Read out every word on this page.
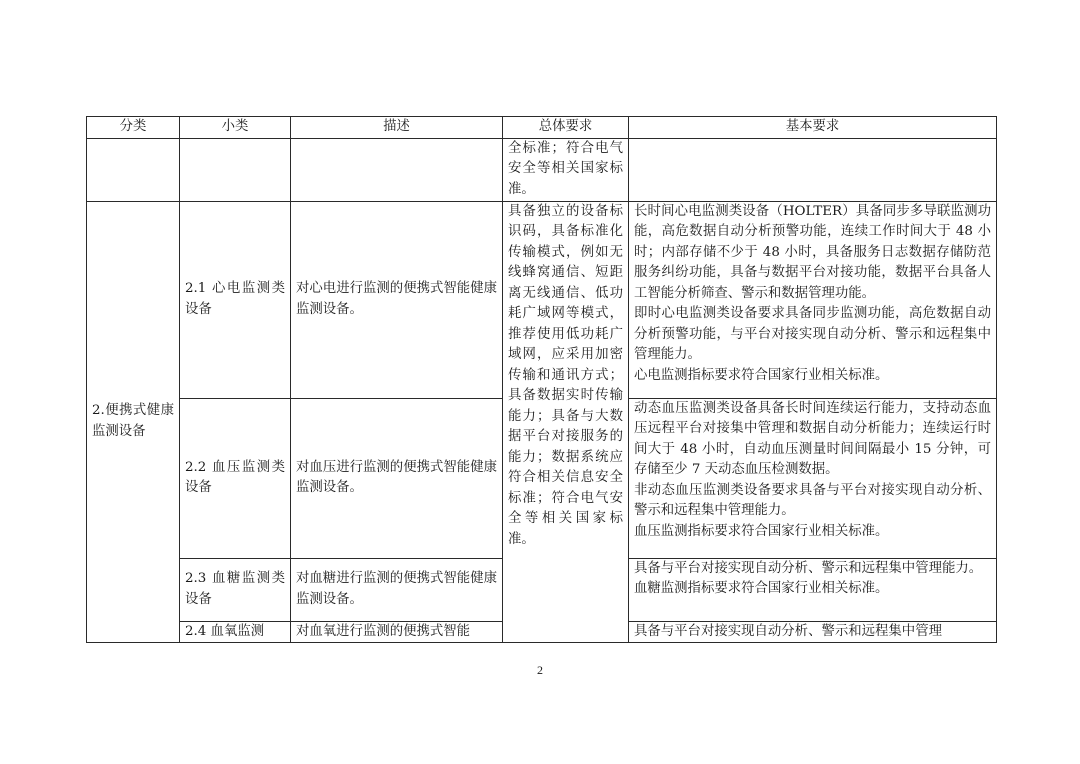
分类	小类	描述	总体要求	基本要求
			全标准；符合电气安全等相关国家标准。	
2.便携式健康监测设备	2.1 心电监测类设备	对心电进行监测的便携式智能健康监测设备。	具备独立的设备标识码，具备标准化传输模式，例如无线蜂窝通信、短距离无线通信、低功耗广域网等模式，推荐使用低功耗广域网，应采用加密传输和通讯方式；具备数据实时传输能力；具备与大数据平台对接服务的能力；数据系统应符合相关信息安全标准；符合电气安全等相关国家标准。	长时间心电监测类设备（HOLTER）具备同步多导联监测功能，高危数据自动分析预警功能，连续工作时间大于 48 小时；内部存储不少于 48 小时，具备服务日志数据存储防范服务纠纷功能，具备与数据平台对接功能，数据平台具备人工智能分析筛查、警示和数据管理功能。
即时心电监测类设备要求具备同步监测功能，高危数据自动分析预警功能，与平台对接实现自动分析、警示和远程集中管理能力。
心电监测指标要求符合国家行业相关标准。

	2.2 血压监测类设备	对血压进行监测的便携式智能健康监测设备。		动态血压监测类设备具备长时间连续运行能力，支持动态血压远程平台对接集中管理和数据自动分析能力；连续运行时间大于 48 小时，自动血压测量时间间隔最小 15 分钟，可存储至少 7 天动态血压检测数据。
非动态血压监测类设备要求具备与平台对接实现自动分析、警示和远程集中管理能力。
血压监测指标要求符合国家行业相关标准。

	2.3 血糖监测类设备	对血糖进行监测的便携式智能健康监测设备。		具备与平台对接实现自动分析、警示和远程集中管理能力。
血糖监测指标要求符合国家行业相关标准。

	2.4 血氧监测	对血氧进行监测的便携式智能		具备与平台对接实现自动分析、警示和远程集中管理
2
